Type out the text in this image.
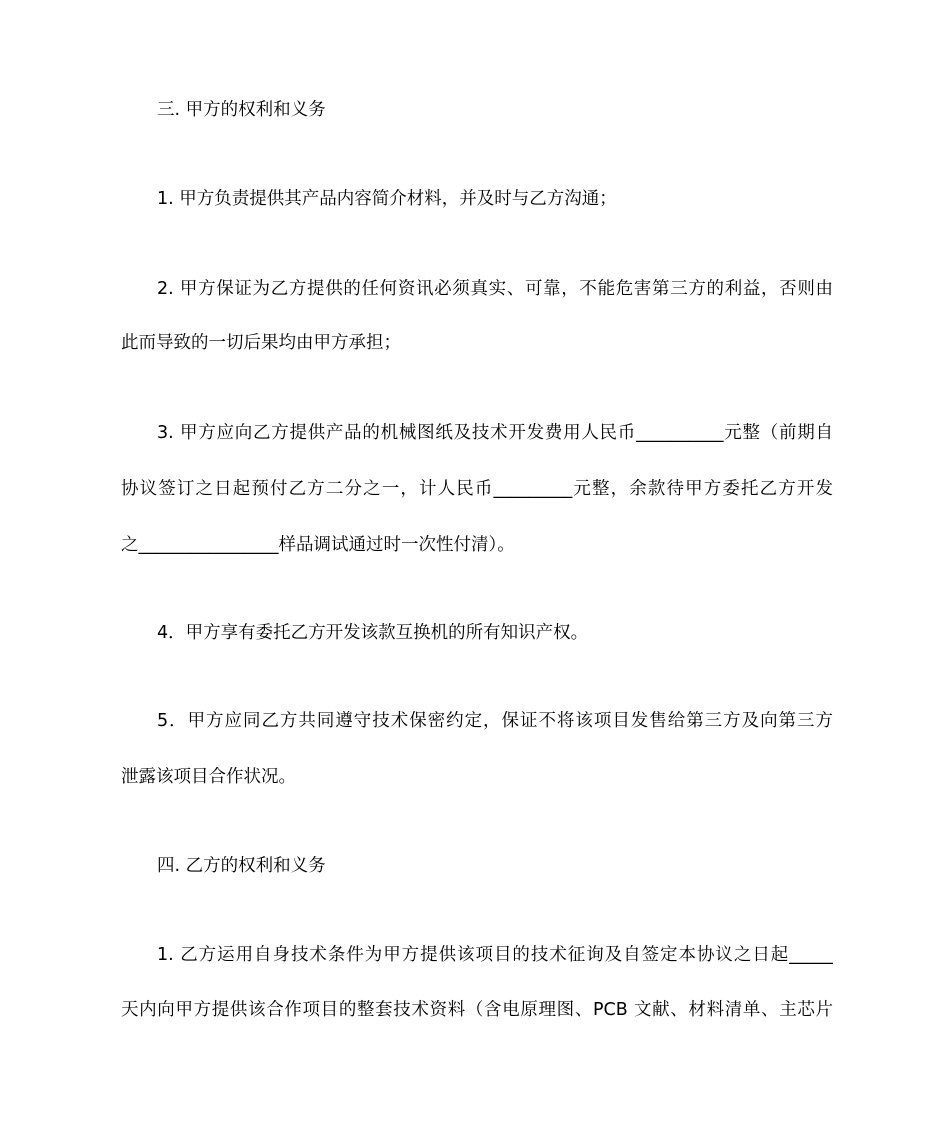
三. 甲方的权利和义务
1. 甲方负责提供其产品内容简介材料，并及时与乙方沟通；
2. 甲方保证为乙方提供的任何资讯必须真实、可靠，不能危害第三方的利益，否则由
此而导致的一切后果均由甲方承担；
3. 甲方应向乙方提供产品的机械图纸及技术开发费用人民币__________元整（前期自
协议签订之日起预付乙方二分之一，计人民币_________元整，余款待甲方委托乙方开发
之________________样品调试通过时一次性付清）。
4．甲方享有委托乙方开发该款互换机的所有知识产权。
5．甲方应同乙方共同遵守技术保密约定，保证不将该项目发售给第三方及向第三方
泄露该项目合作状况。
四. 乙方的权利和义务
1. 乙方运用自身技术条件为甲方提供该项目的技术征询及自签定本协议之日起_____
天内向甲方提供该合作项目的整套技术资料（含电原理图、PCB 文献、材料清单、主芯片
